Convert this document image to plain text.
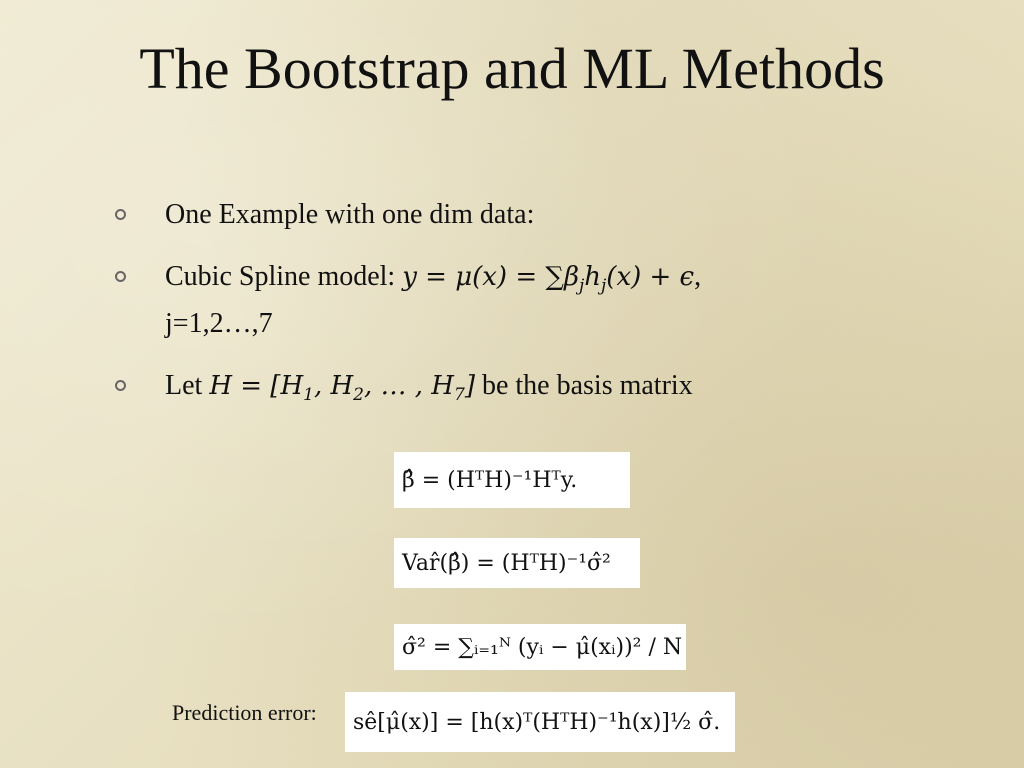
The Bootstrap and ML Methods
One Example with one dim data:
Cubic Spline model: $y = \mu(x) = \sum\beta_jh_j(x) + \epsilon$,
j=1,2…,7
Let $H = [H_1$, $H_2$, … , $H_7$] be the basis matrix
β̂ = (HᵀH)⁻¹Hᵀy.
Var̂(β̂) = (HᵀH)⁻¹σ̂²
σ̂² = ∑ᵢ₌₁ᴺ (yᵢ − μ̂(xᵢ))² / N
Prediction error: sê[μ̂(x)] = [h(x)ᵀ(HᵀH)⁻¹h(x)]½ σ̂.
